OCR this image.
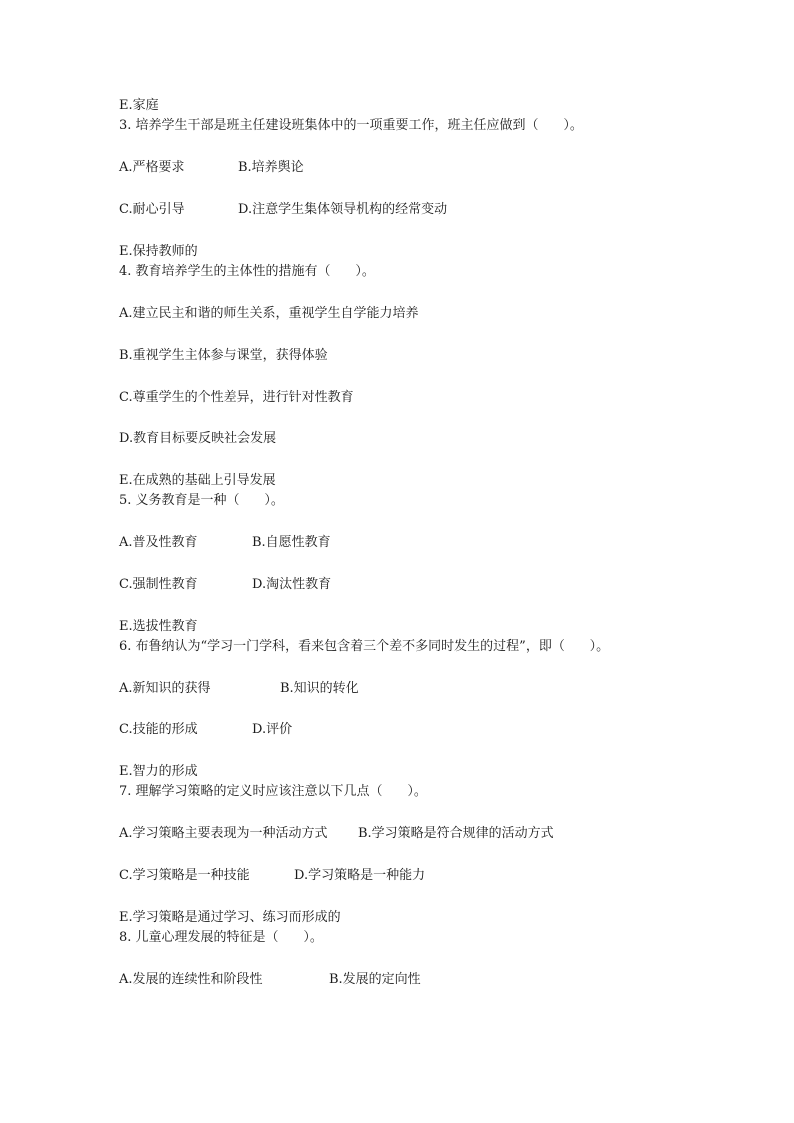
E.家庭
3. 培养学生干部是班主任建设班集体中的一项重要工作，班主任应做到（      ）。
A.严格要求	B.培养舆论
C.耐心引导	D.注意学生集体领导机构的经常变动
E.保持教师的
4. 教育培养学生的主体性的措施有（      ）。
A.建立民主和谐的师生关系，重视学生自学能力培养
B.重视学生主体参与课堂，获得体验
C.尊重学生的个性差异，进行针对性教育
D.教育目标要反映社会发展
E.在成熟的基础上引导发展
5. 义务教育是一种（      ）。
A.普及性教育	B.自愿性教育
C.强制性教育	D.淘汰性教育
E.选拔性教育
6. 布鲁纳认为“学习一门学科，看来包含着三个差不多同时发生的过程”，即（      ）。
A.新知识的获得	B.知识的转化
C.技能的形成	D.评价
E.智力的形成
7. 理解学习策略的定义时应该注意以下几点（      ）。
A.学习策略主要表现为一种活动方式 B.学习策略是符合规律的活动方式
C.学习策略是一种技能	D.学习策略是一种能力
E.学习策略是通过学习、练习而形成的
8. 儿童心理发展的特征是（      ）。
A.发展的连续性和阶段性	B.发展的定向性
